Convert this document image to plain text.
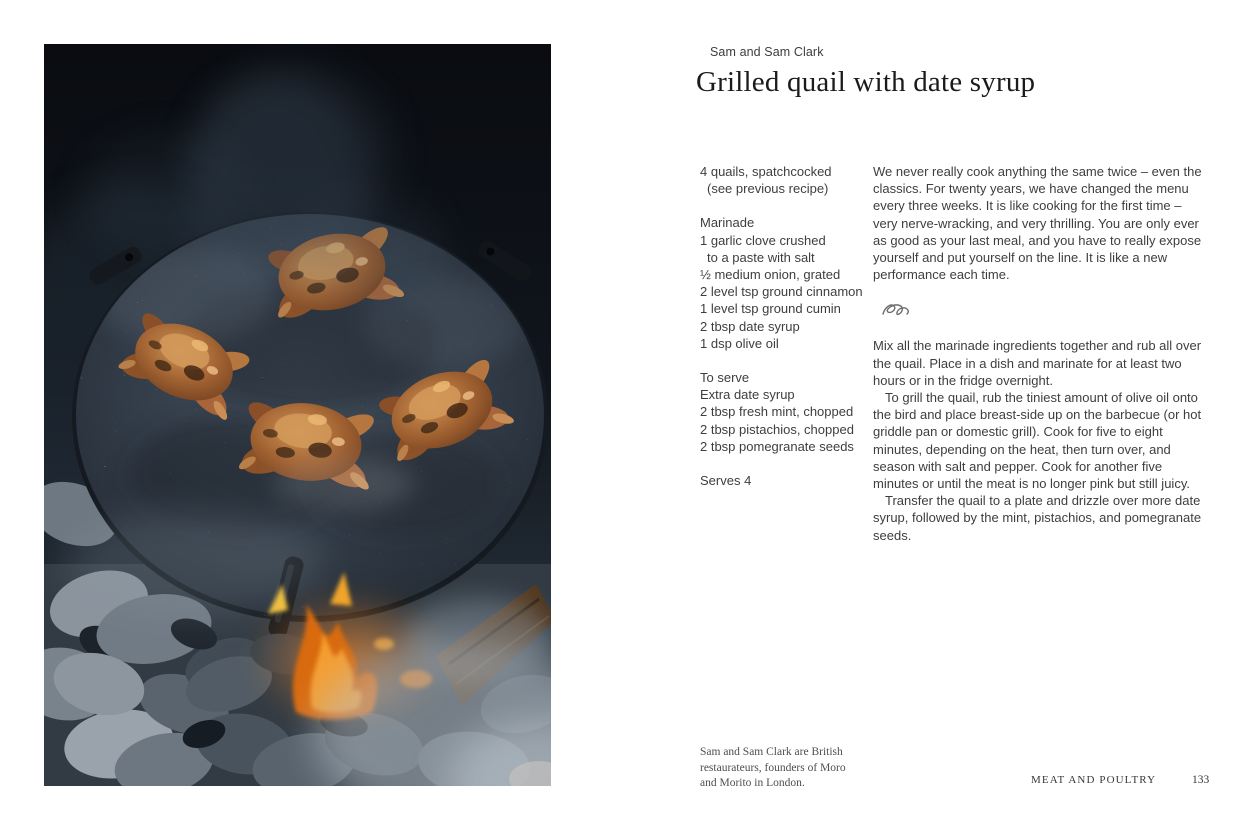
Sam and Sam Clark
Grilled quail with date syrup
4 quails, spatchcocked
(see previous recipe)
Marinade
1 garlic clove crushed
to a paste with salt
½ medium onion, grated
2 level tsp ground cinnamon
1 level tsp ground cumin
2 tbsp date syrup
1 dsp olive oil
To serve
Extra date syrup
2 tbsp fresh mint, chopped
2 tbsp pistachios, chopped
2 tbsp pomegranate seeds
Serves 4

We never really cook anything the same twice – even the classics. For twenty years, we have changed the menu every three weeks. It is like cooking for the first time – very nerve-wracking, and very thrilling. You are only ever as good as your last meal, and you have to really expose yourself and put yourself on the line. It is like a new performance each time.

Mix all the marinade ingredients together and rub all over the quail. Place in a dish and marinate for at least two hours or in the fridge overnight.

To grill the quail, rub the tiniest amount of olive oil onto the bird and place breast-side up on the barbecue (or hot griddle pan or domestic grill). Cook for five to eight minutes, depending on the heat, then turn over, and season with salt and pepper. Cook for another five minutes or until the meat is no longer pink but still juicy.

Transfer the quail to a plate and drizzle over more date syrup, followed by the mint, pistachios, and pomegranate seeds.

Sam and Sam Clark are British
restaurateurs, founders of Moro
and Morito in London.	MEAT AND POULTRY	133
